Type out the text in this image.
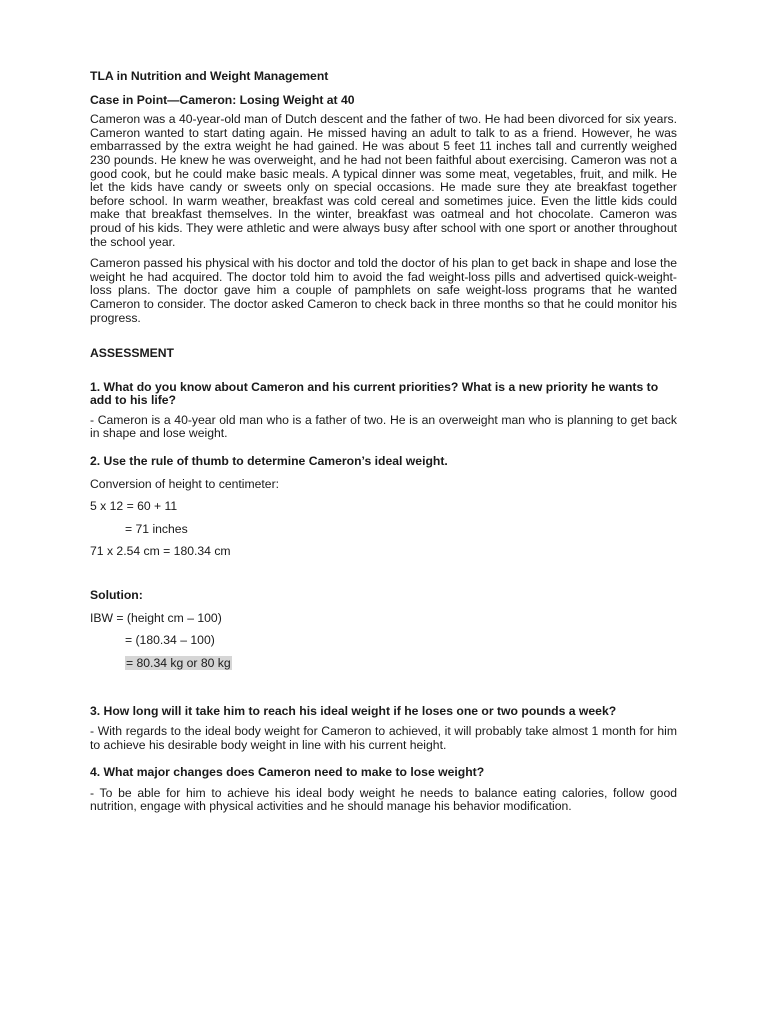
TLA in Nutrition and Weight Management
Case in Point—Cameron: Losing Weight at 40

Cameron was a 40-year-old man of Dutch descent and the father of two. He had been divorced for six years. Cameron wanted to start dating again. He missed having an adult to talk to as a friend. However, he was embarrassed by the extra weight he had gained. He was about 5 feet 11 inches tall and currently weighed 230 pounds. He knew he was overweight, and he had not been faithful about exercising. Cameron was not a good cook, but he could make basic meals. A typical dinner was some meat, vegetables, fruit, and milk. He let the kids have candy or sweets only on special occasions. He made sure they ate breakfast together before school. In warm weather, breakfast was cold cereal and sometimes juice. Even the little kids could make that breakfast themselves. In the winter, breakfast was oatmeal and hot chocolate. Cameron was proud of his kids. They were athletic and were always busy after school with one sport or another throughout the school year.

Cameron passed his physical with his doctor and told the doctor of his plan to get back in shape and lose the weight he had acquired. The doctor told him to avoid the fad weight-loss pills and advertised quick-weight-loss plans. The doctor gave him a couple of pamphlets on safe weight-loss programs that he wanted Cameron to consider. The doctor asked Cameron to check back in three months so that he could monitor his progress.

ASSESSMENT
1. What do you know about Cameron and his current priorities? What is a new priority he wants to add to his life?

- Cameron is a 40-year old man who is a father of two. He is an overweight man who is planning to get back in shape and lose weight.

2. Use the rule of thumb to determine Cameron’s ideal weight.

Conversion of height to centimeter:

5 x 12 = 60 + 11

= 71 inches

71 x 2.54 cm = 180.34 cm

Solution:

IBW = (height cm – 100)

= (180.34 – 100)

= 80.34 kg or 80 kg

3. How long will it take him to reach his ideal weight if he loses one or two pounds a week?

- With regards to the ideal body weight for Cameron to achieved, it will probably take almost 1 month for him to achieve his desirable body weight in line with his current height.

4. What major changes does Cameron need to make to lose weight?

- To be able for him to achieve his ideal body weight he needs to balance eating calories, follow good nutrition, engage with physical activities and he should manage his behavior modification.
